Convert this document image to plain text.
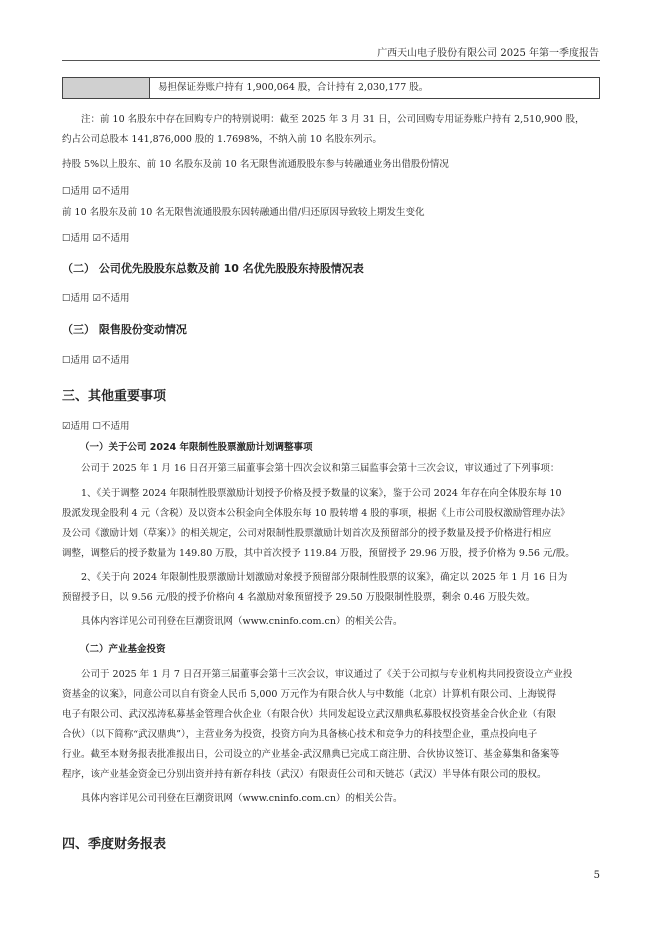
广西天山电子股份有限公司 2025 年第一季度报告
易担保证券账户持有 1,900,064 股，合计持有 2,030,177 股。
注：前 10 名股东中存在回购专户的特别说明：截至 2025 年 3 月 31 日，公司回购专用证券账户持有 2,510,900 股，
约占公司总股本 141,876,000 股的 1.7698%，不纳入前 10 名股东列示。
持股 5%以上股东、前 10 名股东及前 10 名无限售流通股股东参与转融通业务出借股份情况
☐适用 ☑不适用
前 10 名股东及前 10 名无限售流通股股东因转融通出借/归还原因导致较上期发生变化
☐适用 ☑不适用
（二） 公司优先股股东总数及前 10 名优先股股东持股情况表
☐适用 ☑不适用
（三） 限售股份变动情况
☐适用 ☑不适用
三、其他重要事项
☑适用 ☐不适用
（一）关于公司 2024 年限制性股票激励计划调整事项
公司于 2025 年 1 月 16 日召开第三届董事会第十四次会议和第三届监事会第十三次会议，审议通过了下列事项：
1、《关于调整 2024 年限制性股票激励计划授予价格及授予数量的议案》，鉴于公司 2024 年存在向全体股东每 10
股派发现金股利 4 元（含税）及以资本公积金向全体股东每 10 股转增 4 股的事项，根据《上市公司股权激励管理办法》
及公司《激励计划（草案）》的相关规定，公司对限制性股票激励计划首次及预留部分的授予数量及授予价格进行相应
调整，调整后的授予数量为 149.80 万股，其中首次授予 119.84 万股，预留授予 29.96 万股，授予价格为 9.56 元/股。
2、《关于向 2024 年限制性股票激励计划激励对象授予预留部分限制性股票的议案》，确定以 2025 年 1 月 16 日为
预留授予日，以 9.56 元/股的授予价格向 4 名激励对象预留授予 29.50 万股限制性股票，剩余 0.46 万股失效。
具体内容详见公司刊登在巨潮资讯网（www.cninfo.com.cn）的相关公告。
（二）产业基金投资
公司于 2025 年 1 月 7 日召开第三届董事会第十三次会议，审议通过了《关于公司拟与专业机构共同投资设立产业投
资基金的议案》，同意公司以自有资金人民币 5,000 万元作为有限合伙人与中数能（北京）计算机有限公司、上海锐得
电子有限公司、武汉泓涛私募基金管理合伙企业（有限合伙）共同发起设立武汉鼎典私募股权投资基金合伙企业（有限
合伙）（以下简称“武汉鼎典”），主营业务为投资，投资方向为具备核心技术和竞争力的科技型企业，重点投向电子
行业。截至本财务报表批准报出日，公司设立的产业基金-武汉鼎典已完成工商注册、合伙协议签订、基金募集和备案等
程序，该产业基金资金已分别出资并持有新存科技（武汉）有限责任公司和天链芯（武汉）半导体有限公司的股权。
具体内容详见公司刊登在巨潮资讯网（www.cninfo.com.cn）的相关公告。
四、季度财务报表
5
